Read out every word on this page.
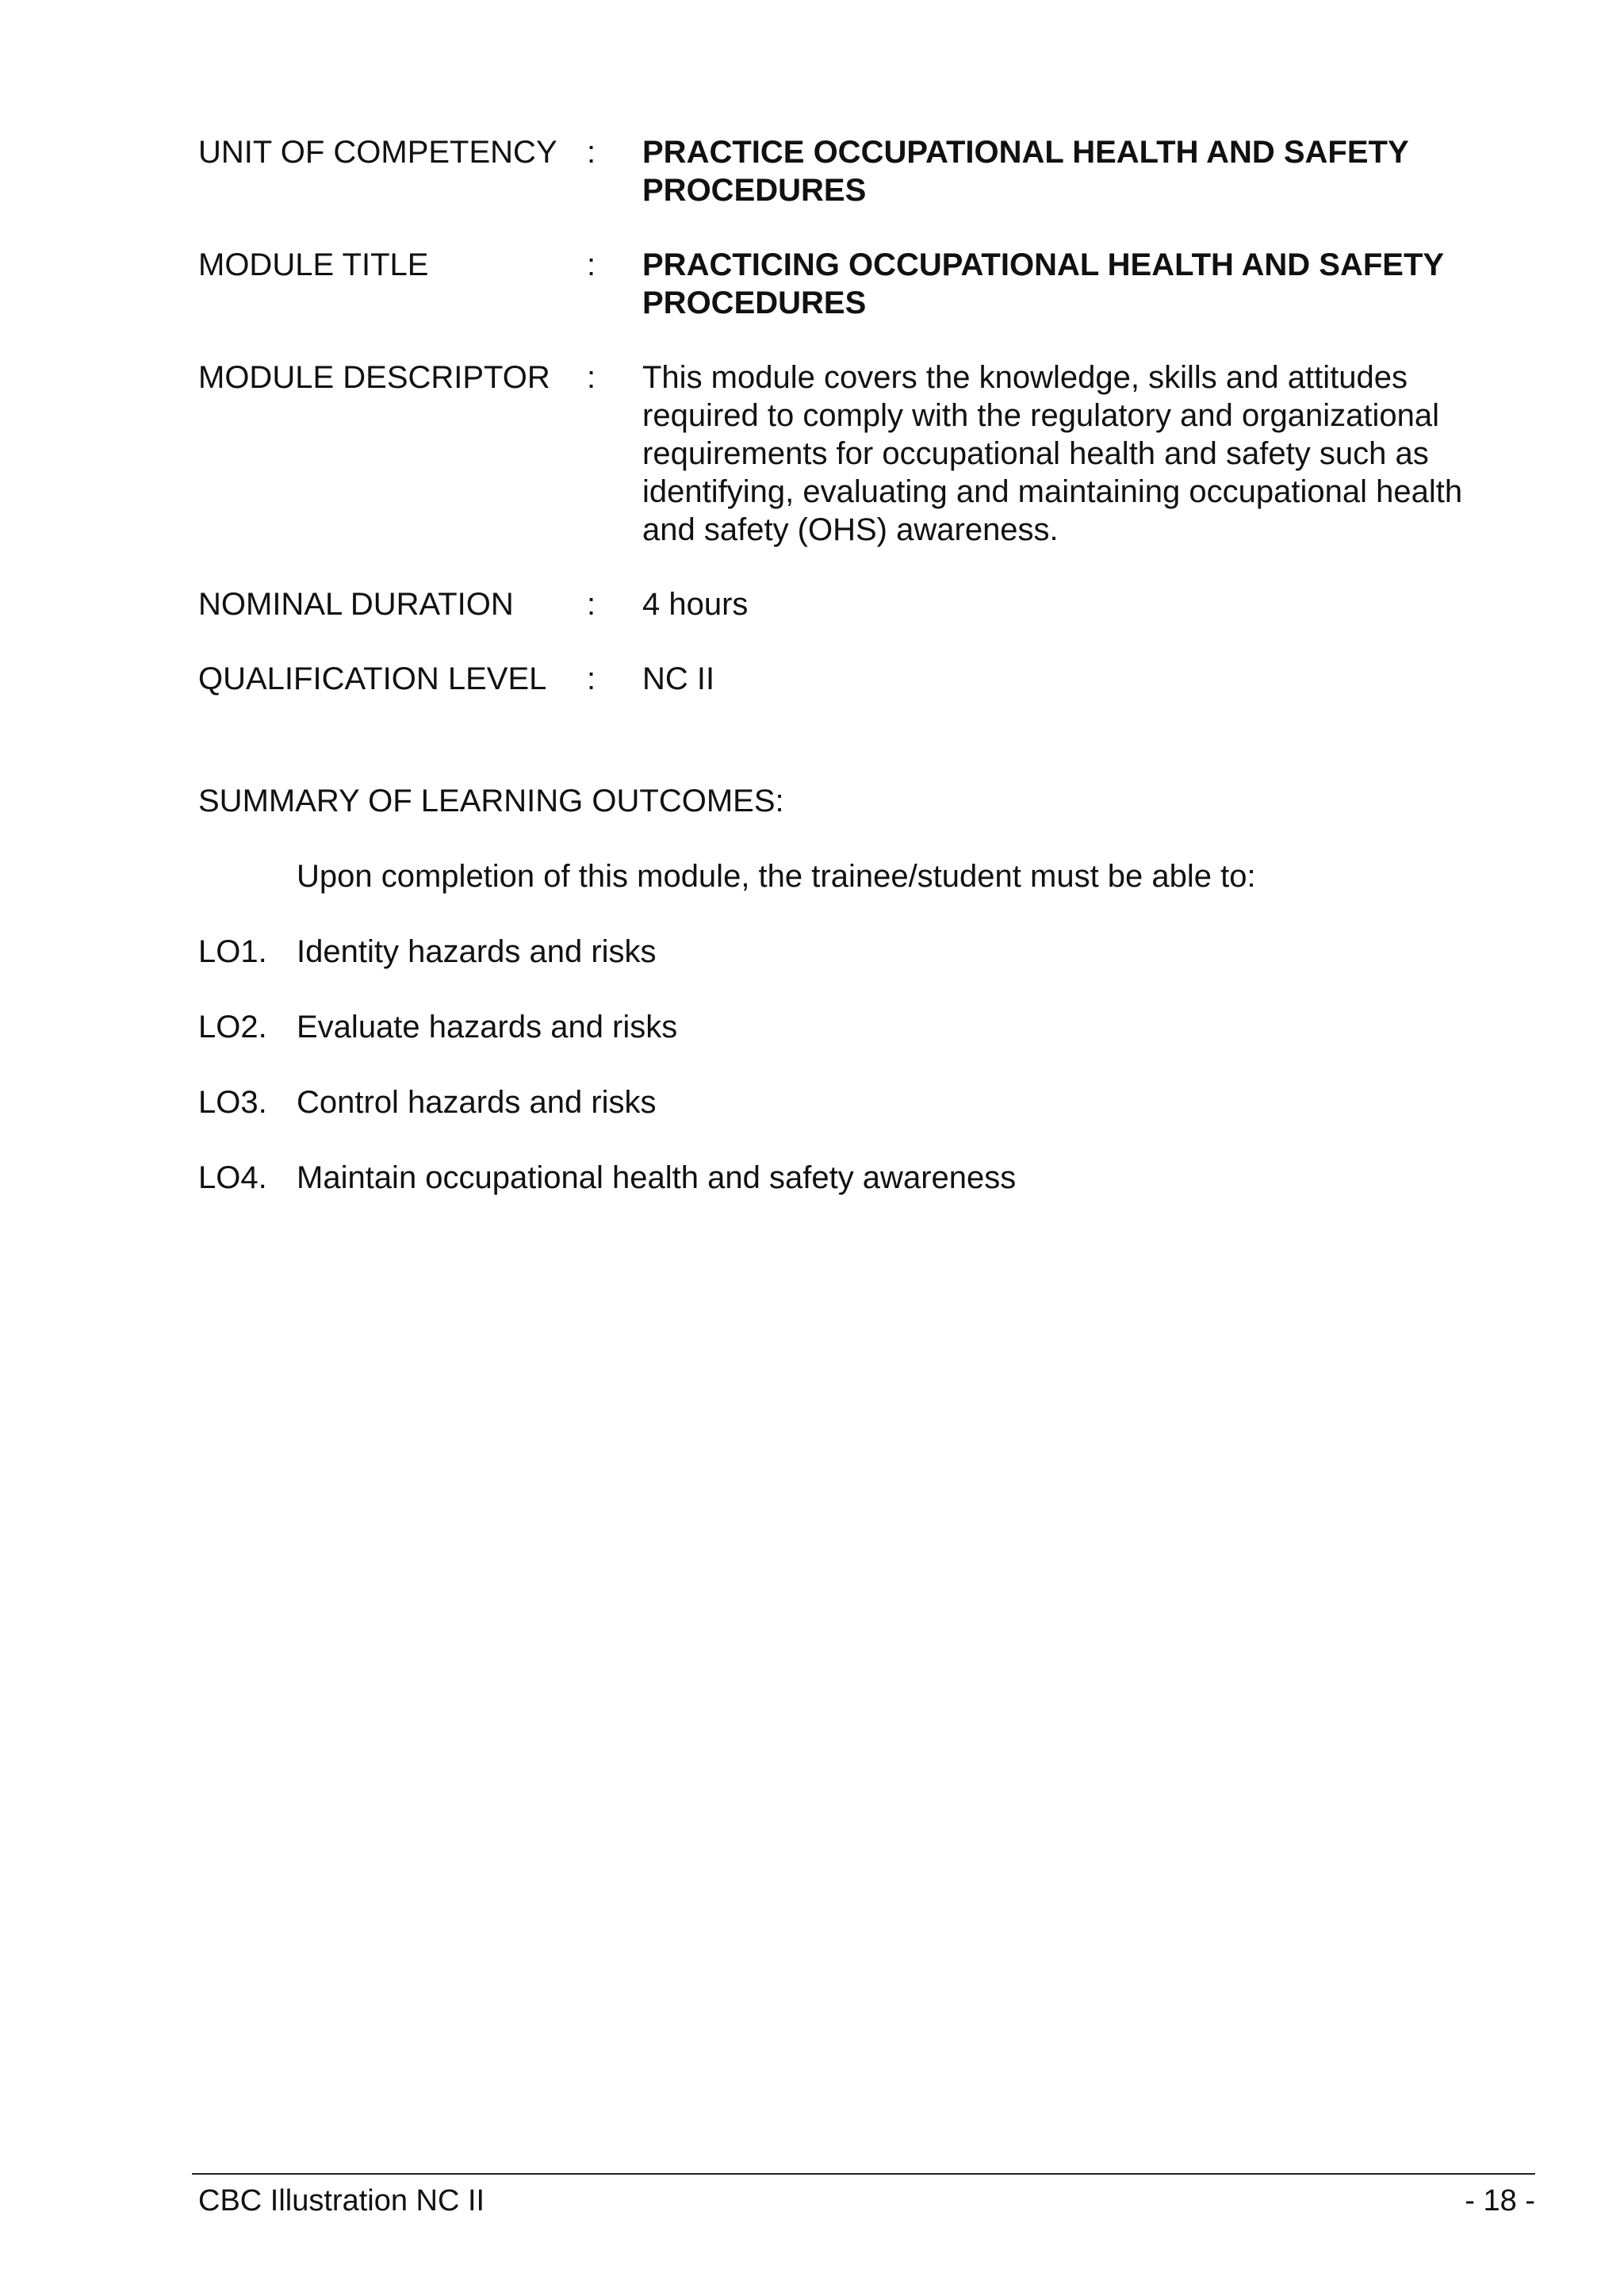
UNIT OF COMPETENCY :	PRACTICE OCCUPATIONAL HEALTH AND SAFETY PROCEDURES
MODULE TITLE	:	PRACTICING OCCUPATIONAL HEALTH AND SAFETY PROCEDURES
MODULE DESCRIPTOR	:	This module covers the knowledge, skills and attitudes required to comply with the regulatory and organizational requirements for occupational health and safety such as identifying, evaluating and maintaining occupational health and safety (OHS) awareness.
NOMINAL DURATION	:	4 hours
QUALIFICATION LEVEL	:	NC II
SUMMARY OF LEARNING OUTCOMES:
Upon completion of this module, the trainee/student must be able to:
LO1. Identity hazards and risks
LO2. Evaluate hazards and risks
LO3. Control hazards and risks
LO4. Maintain occupational health and safety awareness
CBC Illustration NC II	- 18 -
